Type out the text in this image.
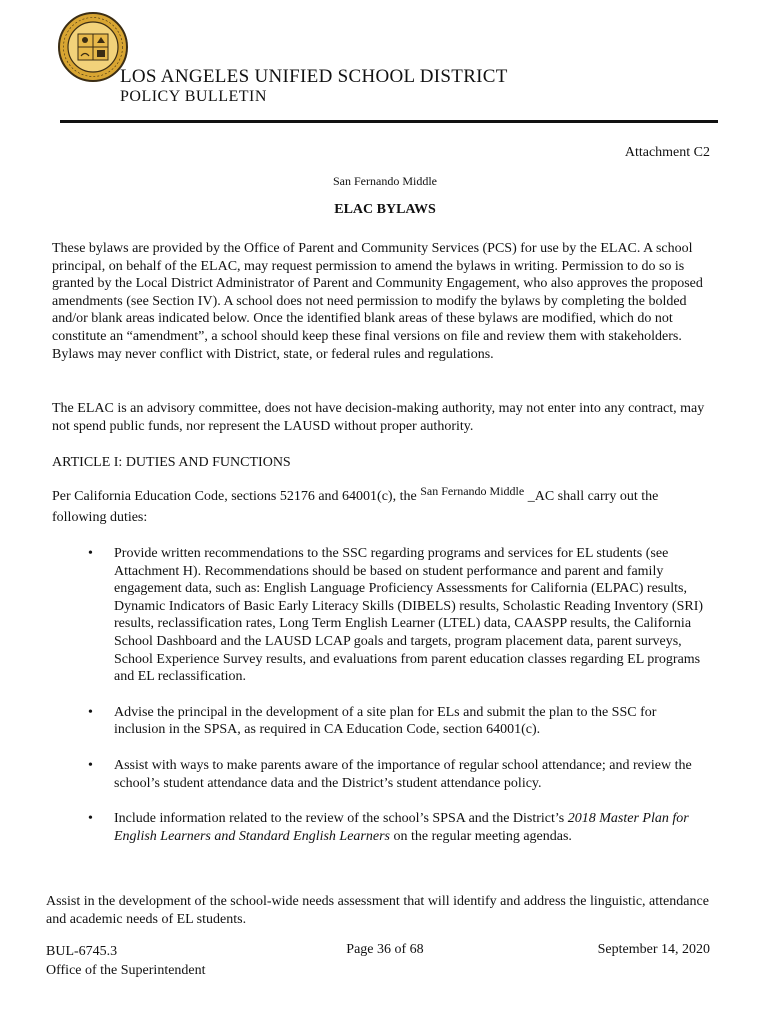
LOS ANGELES UNIFIED SCHOOL DISTRICT
POLICY BULLETIN
Attachment C2
San Fernando Middle
ELAC BYLAWS

These bylaws are provided by the Office of Parent and Community Services (PCS) for use by the ELAC. A school principal, on behalf of the ELAC, may request permission to amend the bylaws in writing. Permission to do so is granted by the Local District Administrator of Parent and Community Engagement, who also approves the proposed amendments (see Section IV). A school does not need permission to modify the bylaws by completing the bolded and/or blank areas indicated below. Once the identified blank areas of these bylaws are modified, which do not constitute an “amendment”, a school should keep these final versions on file and review them with stakeholders. Bylaws may never conflict with District, state, or federal rules and regulations.

The ELAC is an advisory committee, does not have decision-making authority, may not enter into any contract, may not spend public funds, nor represent the LAUSD without proper authority.

ARTICLE I: DUTIES AND FUNCTIONS
Per California Education Code, sections 52176 and 64001(c), the San Fernando Middle _AC shall carry out the
following duties:
• Provide written recommendations to the SSC regarding programs and services for EL students (see Attachment H). Recommendations should be based on student performance and parent and family engagement data, such as: English Language Proficiency Assessments for California (ELPAC) results, Dynamic Indicators of Basic Early Literacy Skills (DIBELS) results, Scholastic Reading Inventory (SRI) results, reclassification rates, Long Term English Learner (LTEL) data, CAASPP results, the California School Dashboard and the LAUSD LCAP goals and targets, program placement data, parent surveys, School Experience Survey results, and evaluations from parent education classes regarding EL programs and EL reclassification.
• Advise the principal in the development of a site plan for ELs and submit the plan to the SSC for inclusion in the SPSA, as required in CA Education Code, section 64001(c).
• Assist with ways to make parents aware of the importance of regular school attendance; and review the school’s student attendance data and the District’s student attendance policy.
• Include information related to the review of the school’s SPSA and the District’s 2018 Master Plan for English Learners and Standard English Learners on the regular meeting agendas.
Assist in the development of the school-wide needs assessment that will identify and address the linguistic, attendance and academic needs of EL students.
BUL-6745.3
Office of the Superintendent
Page 36 of 68	September 14, 2020
